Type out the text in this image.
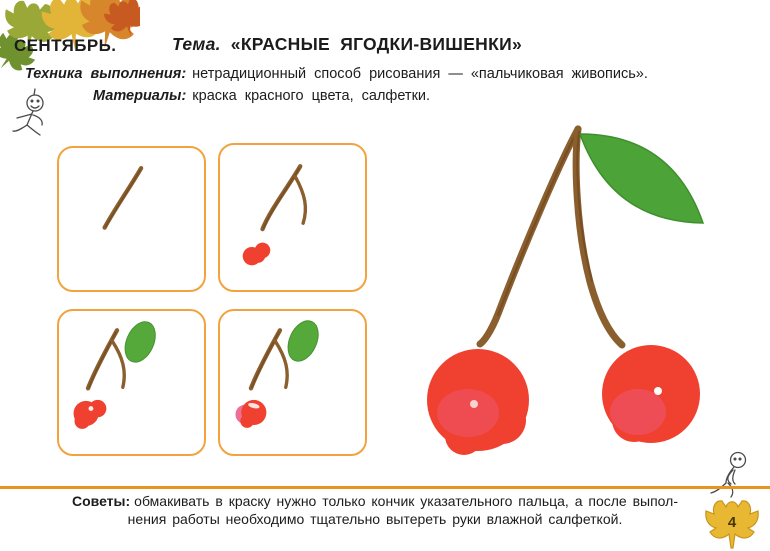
СЕНТЯБРЬ.	Тема. «КРАСНЫЕ ЯГОДКИ-ВИШЕНКИ»
Техника выполнения: нетрадиционный способ рисования — «пальчиковая живопись».
Материалы: краска красного цвета, салфетки.
Советы: обмакивать в краску нужно только кончик указательного пальца, а после выпол-
нения работы необходимо тщательно вытереть руки влажной салфеткой.	4
